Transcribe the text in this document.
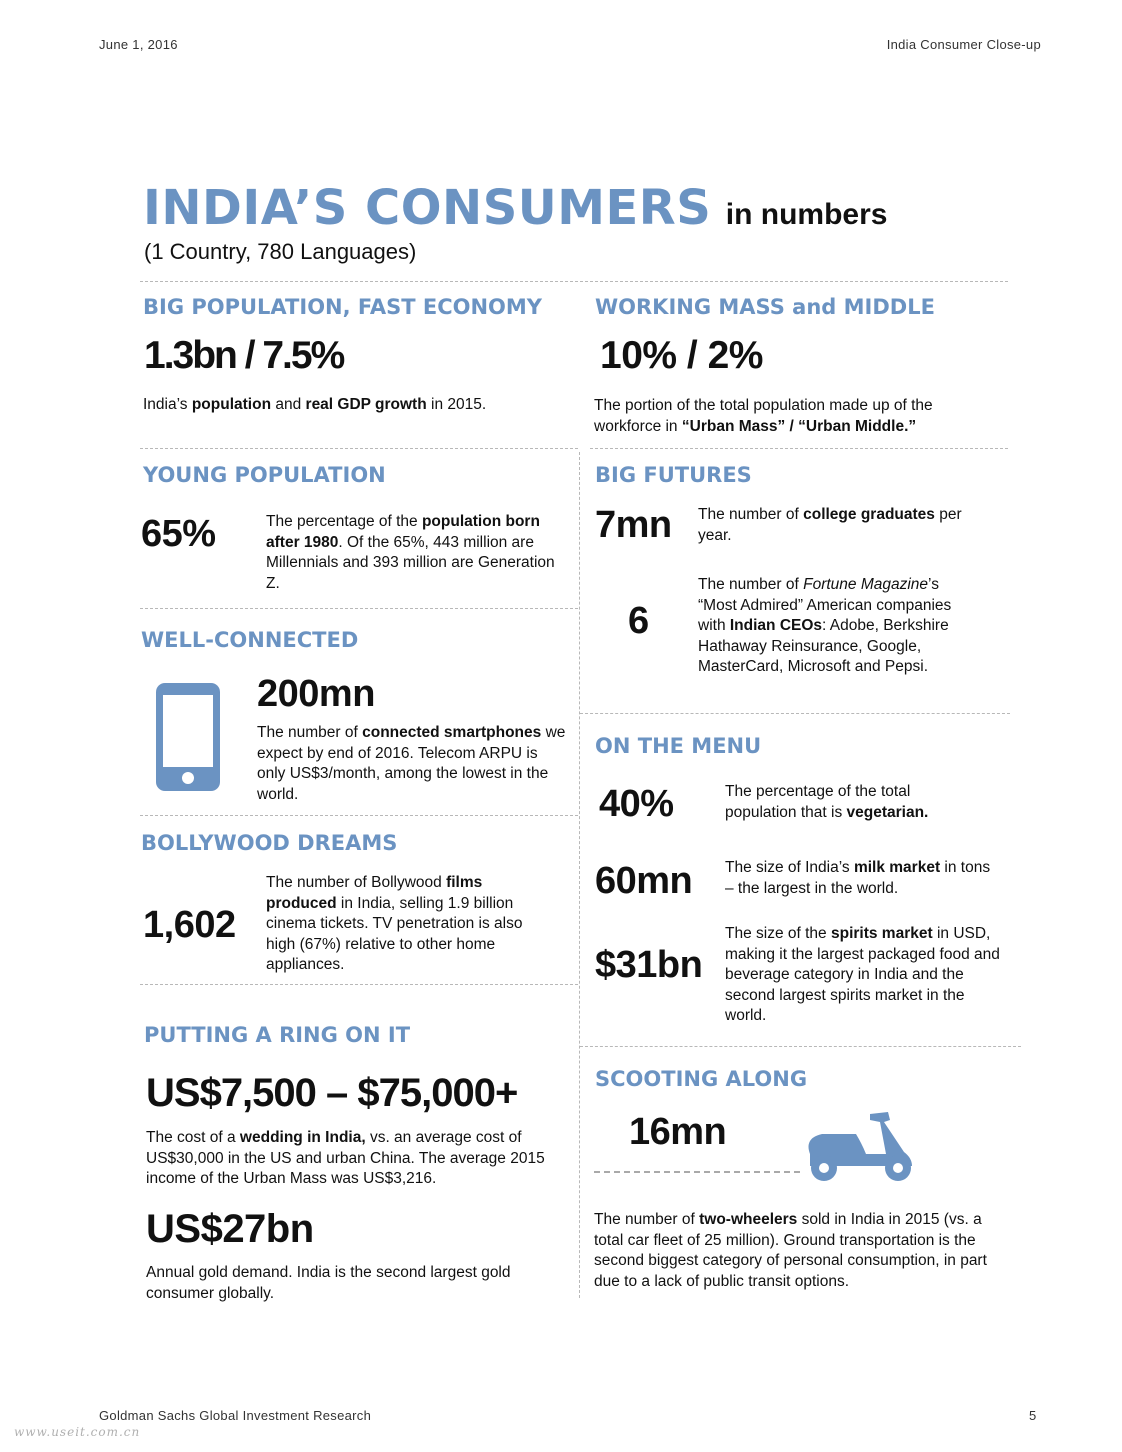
June 1, 2016	India Consumer Close-up
INDIA’S CONSUMERS in numbers
(1 Country, 780 Languages)
BIG POPULATION, FAST ECONOMY
1.3bn / 7.5%
India’s population and real GDP growth in 2015.
WORKING MASS and MIDDLE
10% / 2%
The portion of the total population made up of the workforce in “Urban Mass” / “Urban Middle.”
YOUNG POPULATION
65%	The percentage of the population born after 1980. Of the 65%, 443 million are Millennials and 393 million are Generation Z.
WELL-CONNECTED
200mn
The number of connected smartphones we expect by end of 2016. Telecom ARPU is only US$3/month, among the lowest in the world.
BOLLYWOOD DREAMS
1,602
The number of Bollywood films produced in India, selling 1.9 billion cinema tickets. TV penetration is also high (67%) relative to other home appliances.
PUTTING A RING ON IT
US$7,500 – $75,000+
The cost of a wedding in India, vs. an average cost of US$30,000 in the US and urban China. The average 2015 income of the Urban Mass was US$3,216.
US$27bn
Annual gold demand. India is the second largest gold consumer globally.
BIG FUTURES
7mn The number of college graduates per year.
6
The number of Fortune Magazine’s “Most Admired” American companies with Indian CEOs: Adobe, Berkshire Hathaway Reinsurance, Google, MasterCard, Microsoft and Pepsi.
ON THE MENU
40%	The percentage of the total population that is vegetarian.
60mn The size of India’s milk market in tons – the largest in the world.
$31bn
The size of the spirits market in USD, making it the largest packaged food and beverage category in India and the second largest spirits market in the world.
SCOOTING ALONG
16mn
The number of two-wheelers sold in India in 2015 (vs. a total car fleet of 25 million). Ground transportation is the second biggest category of personal consumption, in part due to a lack of public transit options.
Goldman Sachs Global Investment Research	5
www.useit.com.cn
